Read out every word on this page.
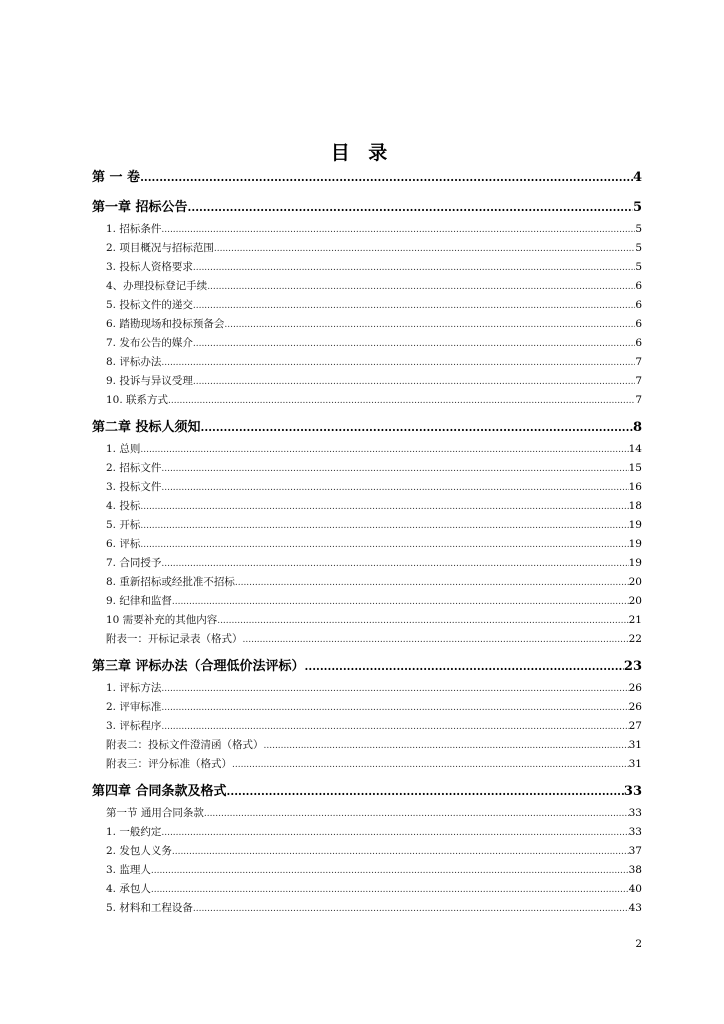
目 录
第 一 卷 .....	4
第一章 招标公告 .....	5
1. 招标条件 .....	5
2. 项目概况与招标范围 .....	5
3. 投标人资格要求 .....	5
4、办理投标登记手续 .....	6
5. 投标文件的递交 .....	6
6. 踏勘现场和投标预备会 .....	6
7. 发布公告的媒介 .....	6
8. 评标办法 .....	7
9. 投诉与异议受理 .....	7
10. 联系方式 .....	7
第二章 投标人须知 .....	8
1. 总则 .....	14
2. 招标文件 .....	15
3. 投标文件 .....	16
4. 投标 .....	18
5. 开标 .....	19
6. 评标 .....	19
7. 合同授予 .....	19
8. 重新招标或经批准不招标 .....	20
9. 纪律和监督 .....	20
10 需要补充的其他内容 .....	21
附表一：开标记录表（格式） .....	22
第三章 评标办法（合理低价法评标） .....	23
1. 评标方法 .....	26
2. 评审标准 .....	26
3. 评标程序 .....	27
附表二：投标文件澄清函（格式） .....	31
附表三：评分标准（格式） .....	31
第四章 合同条款及格式 .....	33
第一节 通用合同条款 .....	33
1. 一般约定 .....	33
2. 发包人义务 .....	37
3. 监理人 .....	38
4. 承包人 .....	40
5. 材料和工程设备 .....	43
2
